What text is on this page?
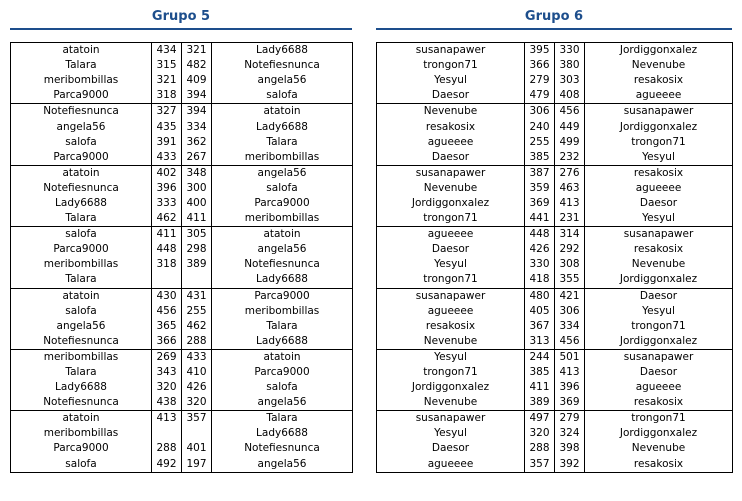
Grupo 5
atatoin	434	321	Lady6688
Talara	315	482	Notefiesnunca
meribombillas	321	409	angela56
Parca9000	318	394	salofa
Notefiesnunca	327	394	atatoin
angela56	435	334	Lady6688
salofa	391	362	Talara
Parca9000	433	267	meribombillas
atatoin	402	348	angela56
Notefiesnunca	396	300	salofa
Lady6688	333	400	Parca9000
Talara	462	411	meribombillas
salofa	411	305	atatoin
Parca9000	448	298	angela56
meribombillas	318	389	Notefiesnunca
Talara			Lady6688
atatoin	430	431	Parca9000
salofa	456	255	meribombillas
angela56	365	462	Talara
Notefiesnunca	366	288	Lady6688
meribombillas	269	433	atatoin
Talara	343	410	Parca9000
Lady6688	320	426	salofa
Notefiesnunca	438	320	angela56
atatoin	413	357	Talara
meribombillas			Lady6688
Parca9000	288	401	Notefiesnunca
salofa	492	197	angela56
Grupo 6
susanapawer	395	330	Jordiggonxalez
trongon71	366	380	Nevenube
Yesyul	279	303	resakosix
Daesor	479	408	agueeee
Nevenube	306	456	susanapawer
resakosix	240	449	Jordiggonxalez
agueeee	255	499	trongon71
Daesor	385	232	Yesyul
susanapawer	387	276	resakosix
Nevenube	359	463	agueeee
Jordiggonxalez	369	413	Daesor
trongon71	441	231	Yesyul
agueeee	448	314	susanapawer
Daesor	426	292	resakosix
Yesyul	330	308	Nevenube
trongon71	418	355	Jordiggonxalez
susanapawer	480	421	Daesor
agueeee	405	306	Yesyul
resakosix	367	334	trongon71
Nevenube	313	456	Jordiggonxalez
Yesyul	244	501	susanapawer
trongon71	385	413	Daesor
Jordiggonxalez	411	396	agueeee
Nevenube	389	369	resakosix
susanapawer	497	279	trongon71
Yesyul	320	324	Jordiggonxalez
Daesor	288	398	Nevenube
agueeee	357	392	resakosix
